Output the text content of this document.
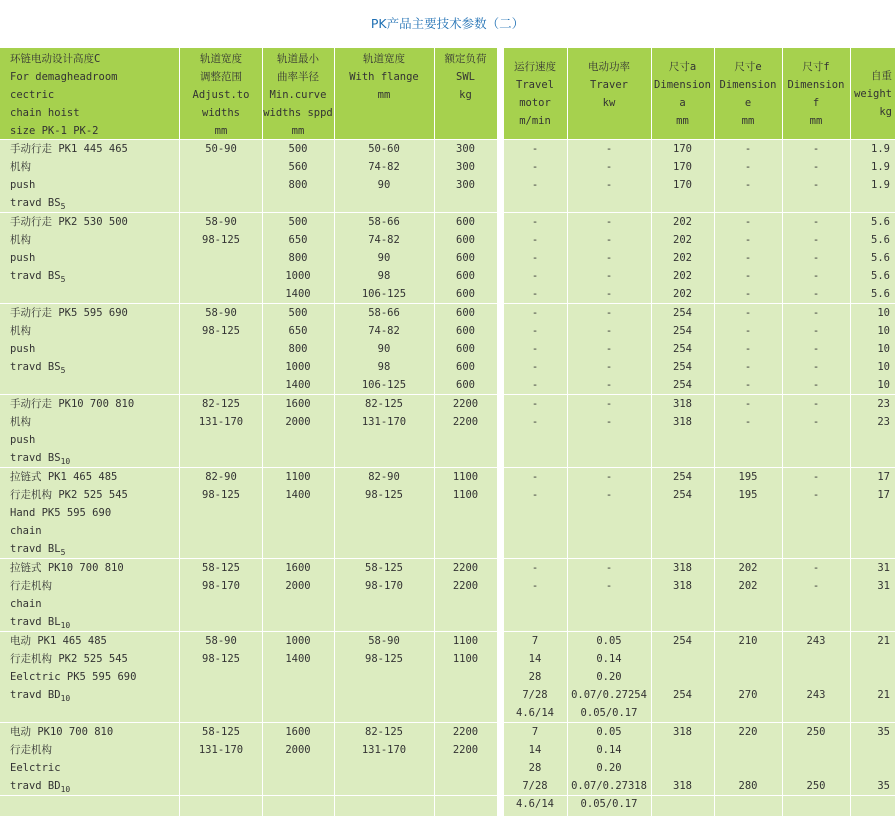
PK产品主要技术参数（二）
环链电动设计高度C
For demagheadroom
cectric
chain hoist
size PK-1 PK-2
轨道宽度
调整范围
Adjust.to
widths
mm
轨道最小
曲率半径
Min.curve
widths sppd
mm
轨道宽度
With flange
mm
额定负荷
SWL
kg
运行速度
Travel
motor
m/min
电动功率
Traver
kw
尺寸a
Dimension
a
mm
尺寸e
Dimension
e
mm
尺寸f
Dimension
f
mm
自重
weight
kg
手动行走 PK1 445 465
机构
push
travd $BS_5$
50-90	500
560
800
50-60
74-82
90
300
300
300
-
-
-
-
-
-
170
170
170
-
-
-
-
-
-
1.9
1.9
1.9
手动行走 PK2 530 500
机构
push
travd $BS_5$
58-90
98-125
500
650
800
1000
1400
58-66
74-82
90
98
106-125
600
600
600
600
600
-
-
-
-
-
-
-
-
-
-
202
202
202
202
202
-
-
-
-
-
-
-
-
-
-
5.6
5.6
5.6
5.6
5.6
手动行走 PK5 595 690
机构
push
travd $BS_5$
58-90
98-125
500
650
800
1000
1400
58-66
74-82
90
98
106-125
600
600
600
600
600
-
-
-
-
-
-
-
-
-
-
254
254
254
254
254
-
-
-
-
-
-
-
-
-
-
10
10
10
10
10
手动行走 PK10 700 810
机构
push
travd $BS_{10}$
82-125
131-170
1600
2000
82-125
131-170
2200
2200
-
-
-
-
318
318
-
-
-
-
23
23
拉链式 PK1 465 485
行走机构 PK2 525 545
Hand PK5 595 690
chain
travd $BL_5$
82-90
98-125
1100
1400
82-90
98-125
1100
1100
-
-
-
-
254
254
195
195
-
-
17
17
拉链式 PK10 700 810
行走机构
chain
travd $BL_{10}$
58-125
98-170
1600
2000
58-125
98-170
2200
2200
-
-
-
-
318
318
202
202
-
-
31
31
电动 PK1 465 485
行走机构 PK2 525 545
Eelctric PK5 595 690
travd $BD_{10}$
58-90
98-125
1000
1400
58-90
98-125
1100
1100
7
14
28
7/28
4.6/14
0.05
0.14
0.20
0.07/0.27254
0.05/0.17
254
254
210
270
243
243
21
21
电动 PK10 700 810
行走机构
Eelctric
travd $BD_{10}$
58-125
131-170
1600
2000
82-125
131-170
2200
2200
7
14
28
7/28
4.6/14
0.05
0.14
0.20
0.07/0.27318
0.05/0.17
318
318
220
280
250
250
35
35
